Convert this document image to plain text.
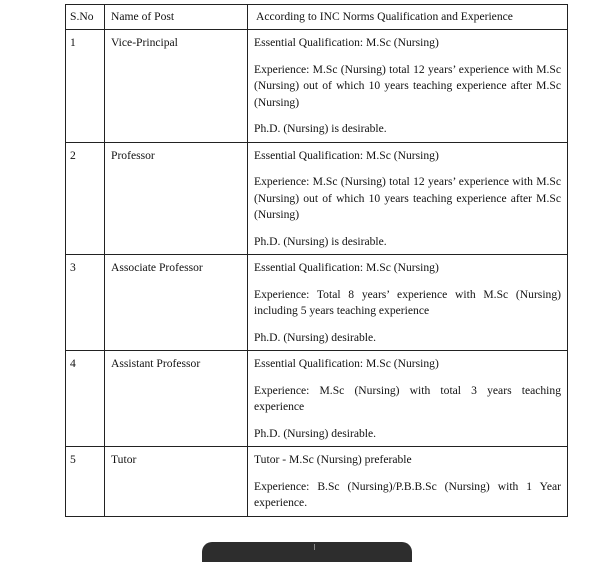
S.No	Name of Post	According to INC Norms Qualification and Experience
1	Vice-Principal	Essential Qualification: M.Sc (Nursing)
Experience: M.Sc (Nursing) total 12 years’ experience with M.Sc (Nursing) out of which 10 years teaching experience after M.Sc (Nursing)
Ph.D. (Nursing) is desirable.

2	Professor	Essential Qualification: M.Sc (Nursing)
Experience: M.Sc (Nursing) total 12 years’ experience with M.Sc (Nursing) out of which 10 years teaching experience after M.Sc (Nursing)
Ph.D. (Nursing) is desirable.

3	Associate Professor	Essential Qualification: M.Sc (Nursing)
Experience: Total 8 years’ experience with M.Sc (Nursing) including 5 years teaching experience
Ph.D. (Nursing) desirable.

4	Assistant Professor	Essential Qualification: M.Sc (Nursing)
Experience: M.Sc (Nursing) with total 3 years teaching experience
Ph.D. (Nursing) desirable.

5	Tutor	Tutor - M.Sc (Nursing) preferable
Experience: B.Sc (Nursing)/P.B.B.Sc (Nursing) with 1 Year experience.
